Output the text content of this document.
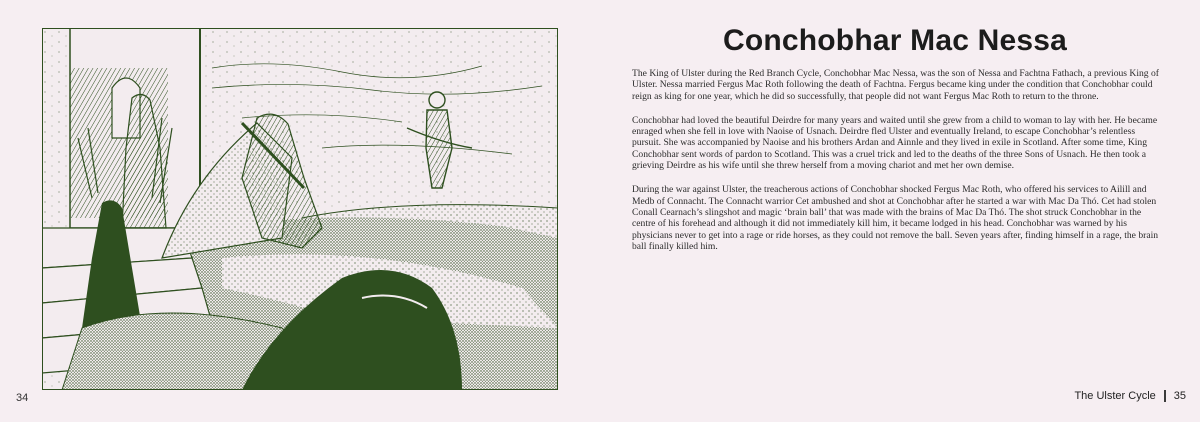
Conchobhar Mac Nessa

The King of Ulster during the Red Branch Cycle, Conchobhar Mac Nessa, was the son of Nessa and Fachtna Fathach, a previous King of Ulster. Nessa married Fergus Mac Roth following the death of Fachtna. Fergus became king under the condition that Conchobhar could reign as king for one year, which he did so successfully, that people did not want Fergus Mac Roth to return to the throne.

Conchobhar had loved the beautiful Deirdre for many years and waited until she grew from a child to woman to lay with her. He became enraged when she fell in love with Naoise of Usnach. Deirdre fled Ulster and eventually Ireland, to escape Conchobhar’s relentless pursuit. She was accompanied by Naoise and his brothers Ardan and Ainnle and they lived in exile in Scotland. After some time, King Conchobhar sent words of pardon to Scotland. This was a cruel trick and led to the deaths of the three Sons of Usnach. He then took a grieving Deirdre as his wife until she threw herself from a moving chariot and met her own demise.

During the war against Ulster, the treacherous actions of Conchobhar shocked Fergus Mac Roth, who offered his services to Ailill and Medb of Connacht. The Connacht warrior Cet ambushed and shot at Conchobhar after he started a war with Mac Da Thó. Cet had stolen Conall Cearnach’s slingshot and magic ‘brain ball’ that was made with the brains of Mac Da Thó. The shot struck Conchobhar in the centre of his forehead and although it did not immediately kill him, it became lodged in his head. Conchobhar was warned by his physicians never to get into a rage or ride horses, as they could not remove the ball. Seven years after, finding himself in a rage, the brain ball finally killed him.

34	The Ulster Cycle 35
